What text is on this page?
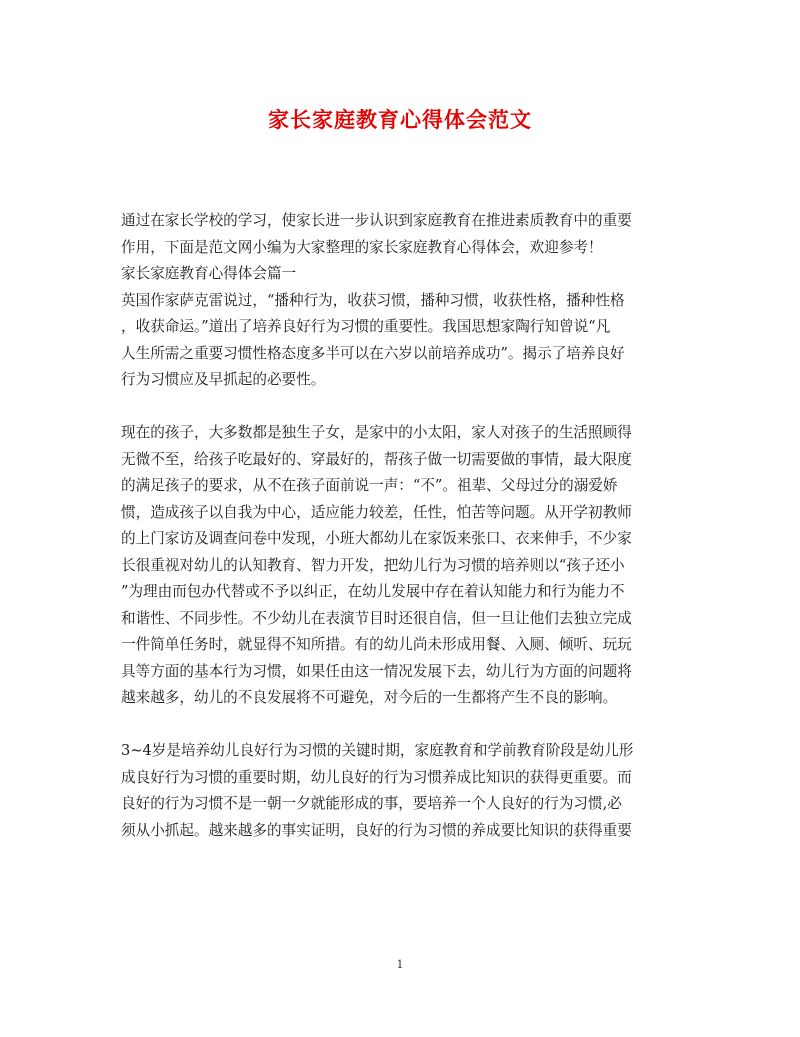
家长家庭教育心得体会范文
通过在家长学校的学习，使家长进一步认识到家庭教育在推进素质教育中的重要
作用，下面是范文网小编为大家整理的家长家庭教育心得体会，欢迎参考！
家长家庭教育心得体会篇一
英国作家萨克雷说过，“播种行为，收获习惯，播种习惯，收获性格，播种性格
，收获命运。”道出了培养良好行为习惯的重要性。我国思想家陶行知曾说“凡
人生所需之重要习惯性格态度多半可以在六岁以前培养成功”。揭示了培养良好
行为习惯应及早抓起的必要性。
现在的孩子，大多数都是独生子女，是家中的小太阳，家人对孩子的生活照顾得
无微不至，给孩子吃最好的、穿最好的，帮孩子做一切需要做的事情，最大限度
的满足孩子的要求，从不在孩子面前说一声：“不”。祖辈、父母过分的溺爱娇
惯，造成孩子以自我为中心，适应能力较差，任性，怕苦等问题。从开学初教师
的上门家访及调查问卷中发现，小班大都幼儿在家饭来张口、衣来伸手，不少家
长很重视对幼儿的认知教育、智力开发，把幼儿行为习惯的培养则以“孩子还小
”为理由而包办代替或不予以纠正，在幼儿发展中存在着认知能力和行为能力不
和谐性、不同步性。不少幼儿在表演节目时还很自信，但一旦让他们去独立完成
一件简单任务时，就显得不知所措。有的幼儿尚未形成用餐、入厕、倾听、玩玩
具等方面的基本行为习惯，如果任由这一情况发展下去，幼儿行为方面的问题将
越来越多，幼儿的不良发展将不可避免，对今后的一生都将产生不良的影响。
3~4岁是培养幼儿良好行为习惯的关键时期，家庭教育和学前教育阶段是幼儿形
成良好行为习惯的重要时期，幼儿良好的行为习惯养成比知识的获得更重要。而
良好的行为习惯不是一朝一夕就能形成的事，要培养一个人良好的行为习惯,必
须从小抓起。越来越多的事实证明，良好的行为习惯的养成要比知识的获得重要
1
